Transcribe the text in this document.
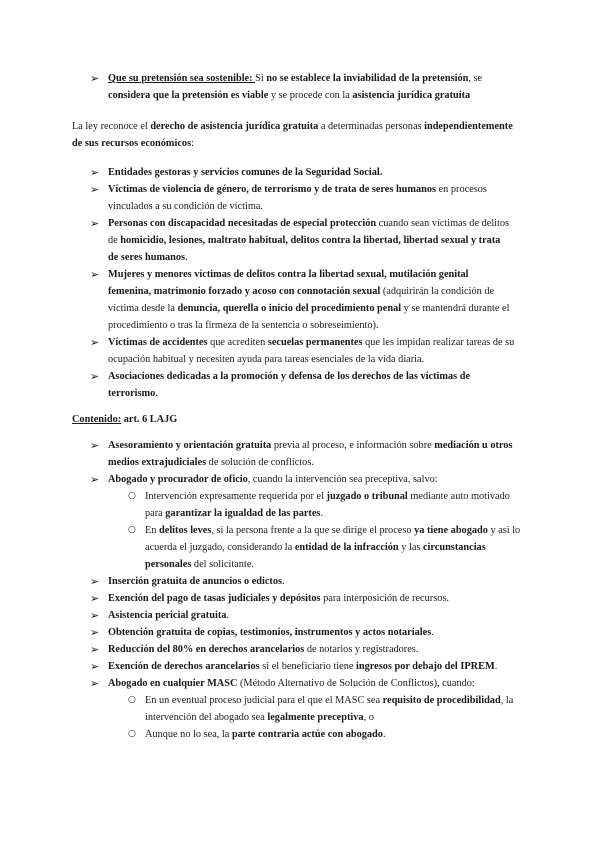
➢ Que su pretensión sea sostenible: Si no se establece la inviabilidad de la pretensión, se
considera que la pretensión es viable y se procede con la asistencia jurídica gratuita
La ley reconoce el derecho de asistencia jurídica gratuita a determinadas personas independientemente
de sus recursos económicos:
➢ Entidades gestoras y servicios comunes de la Seguridad Social.
➢ Víctimas de violencia de género, de terrorismo y de trata de seres humanos en procesos
vinculados a su condición de víctima.
➢ Personas con discapacidad necesitadas de especial protección cuando sean víctimas de delitos
de homicidio, lesiones, maltrato habitual, delitos contra la libertad, libertad sexual y trata
de seres humanos.
➢ Mujeres y menores víctimas de delitos contra la libertad sexual, mutilación genital
femenina, matrimonio forzado y acoso con connotación sexual (adquirirán la condición de
víctima desde la denuncia, querella o inicio del procedimiento penal y se mantendrá durante el
procedimiento o tras la firmeza de la sentencia o sobreseimiento).
➢ Víctimas de accidentes que acrediten secuelas permanentes que les impidan realizar tareas de su
ocupación habitual y necesiten ayuda para tareas esenciales de la vida diaria.
➢ Asociaciones dedicadas a la promoción y defensa de los derechos de las víctimas de
terrorismo.
Contenido: art. 6 LAJG
➢ Asesoramiento y orientación gratuita previa al proceso, e información sobre mediación u otros
medios extrajudiciales de solución de conflictos.
➢ Abogado y procurador de oficio, cuando la intervención sea preceptiva, salvo:
○ Intervención expresamente requerida por el juzgado o tribunal mediante auto motivado
para garantizar la igualdad de las partes.
○ En delitos leves, si la persona frente a la que se dirige el proceso ya tiene abogado y así lo
acuerda el juzgado, considerando la entidad de la infracción y las circunstancias
personales del solicitante.
➢ Inserción gratuita de anuncios o edictos.
➢ Exención del pago de tasas judiciales y depósitos para interposición de recursos.
➢ Asistencia pericial gratuita.
➢ Obtención gratuita de copias, testimonios, instrumentos y actos notariales.
➢ Reducción del 80% en derechos arancelarios de notarios y registradores.
➢ Exención de derechos arancelarios si el beneficiario tiene ingresos por debajo del IPREM.
➢ Abogado en cualquier MASC (Método Alternativo de Solución de Conflictos), cuando:
○ En un eventual proceso judicial para el que el MASC sea requisito de procedibilidad, la
intervención del abogado sea legalmente preceptiva, o
○ Aunque no lo sea, la parte contraria actúe con abogado.
